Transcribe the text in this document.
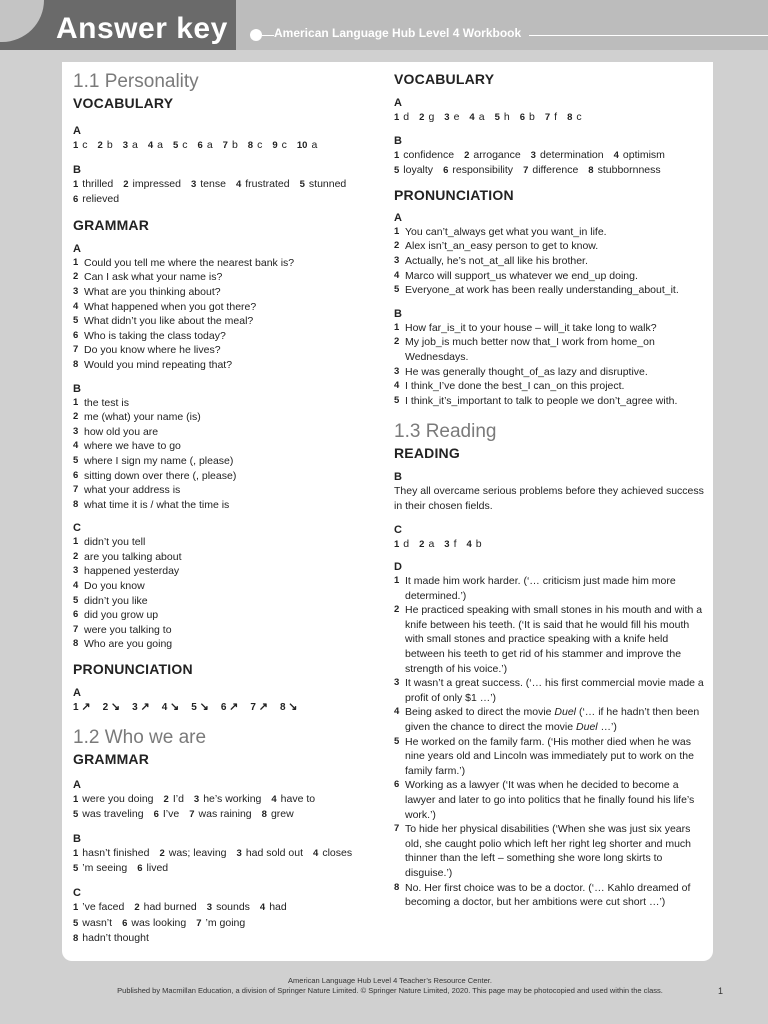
Answer key	American Language Hub Level 4 Workbook
1.1 Personality
VOCABULARY
A
1 c 2 b 3 a 4 a 5 c 6 a 7 b 8 c 9 c 10 a
B
1 thrilled 2 impressed 3 tense 4 frustrated 5 stunned
6 relieved
GRAMMAR
A
1 Could you tell me where the nearest bank is?
2 Can I ask what your name is?
3 What are you thinking about?
4 What happened when you got there?
5 What didn’t you like about the meal?
6 Who is taking the class today?
7 Do you know where he lives?
8 Would you mind repeating that?
B
1 the test is
2 me (what) your name (is)
3 how old you are
4 where we have to go
5 where I sign my name (, please)
6 sitting down over there (, please)
7 what your address is
8 what time it is / what the time is
C
1 didn’t you tell
2 are you talking about
3 happened yesterday
4 Do you know
5 didn’t you like
6 did you grow up
7 were you talking to
8 Who are you going
PRONUNCIATION
A
1 ↗ 2 ↘ 3 ↗ 4 ↘ 5 ↘ 6 ↗ 7 ↗ 8 ↘
1.2 Who we are
GRAMMAR
A
1 were you doing 2 I’d 3 he’s working 4 have to
5 was traveling 6 I’ve 7 was raining 8 grew
B
1 hasn’t finished 2 was; leaving 3 had sold out 4 closes
5 ’m seeing 6 lived
C
1 ’ve faced 2 had burned 3 sounds 4 had
5 wasn’t 6 was looking 7 ’m going
8 hadn’t thought
VOCABULARY
A
1 d 2 g 3 e 4 a 5 h 6 b 7 f 8 c
B
1 confidence 2 arrogance 3 determination 4 optimism
5 loyalty 6 responsibility 7 difference 8 stubbornness
PRONUNCIATION
A
1 You can’t_always get what you want_in life.
2 Alex isn’t_an_easy person to get to know.
3 Actually, he’s not_at_all like his brother.
4 Marco will support_us whatever we end_up doing.
5 Everyone_at work has been really understanding_about_it.
B
1 How far_is_it to your house – will_it take long to walk?
2 My job_is much better now that_I work from home_on Wednesdays.
3 He was generally thought_of_as lazy and disruptive.
4 I think_I’ve done the best_I can_on this project.
5 I think_it’s_important to talk to people we don’t_agree with.
1.3 Reading
READING
B
They all overcame serious problems before they achieved success in their chosen fields.
C
1 d 2 a 3 f 4 b
D
1 It made him work harder. (‘… criticism just made him more determined.’)
2 He practiced speaking with small stones in his mouth and with a knife between his teeth. (‘It is said that he would fill his mouth with small stones and practice speaking with a knife held between his teeth to get rid of his stammer and improve the strength of his voice.’)
3 It wasn’t a great success. (‘… his first commercial movie made a profit of only $1 …’)
4 Being asked to direct the movie Duel (‘… if he hadn’t then been given the chance to direct the movie Duel …’)
5 He worked on the family farm. (‘His mother died when he was nine years old and Lincoln was immediately put to work on the family farm.’)
6 Working as a lawyer (‘It was when he decided to become a lawyer and later to go into politics that he finally found his life’s work.’)
7 To hide her physical disabilities (‘When she was just six years old, she caught polio which left her right leg shorter and much thinner than the left – something she wore long skirts to disguise.’)
8 No. Her first choice was to be a doctor. (‘… Kahlo dreamed of becoming a doctor, but her ambitions were cut short …’)
American Language Hub Level 4 Teacher’s Resource Center.
Published by Macmillan Education, a division of Springer Nature Limited. © Springer Nature Limited, 2020. This page may be photocopied and used within the class.	1
